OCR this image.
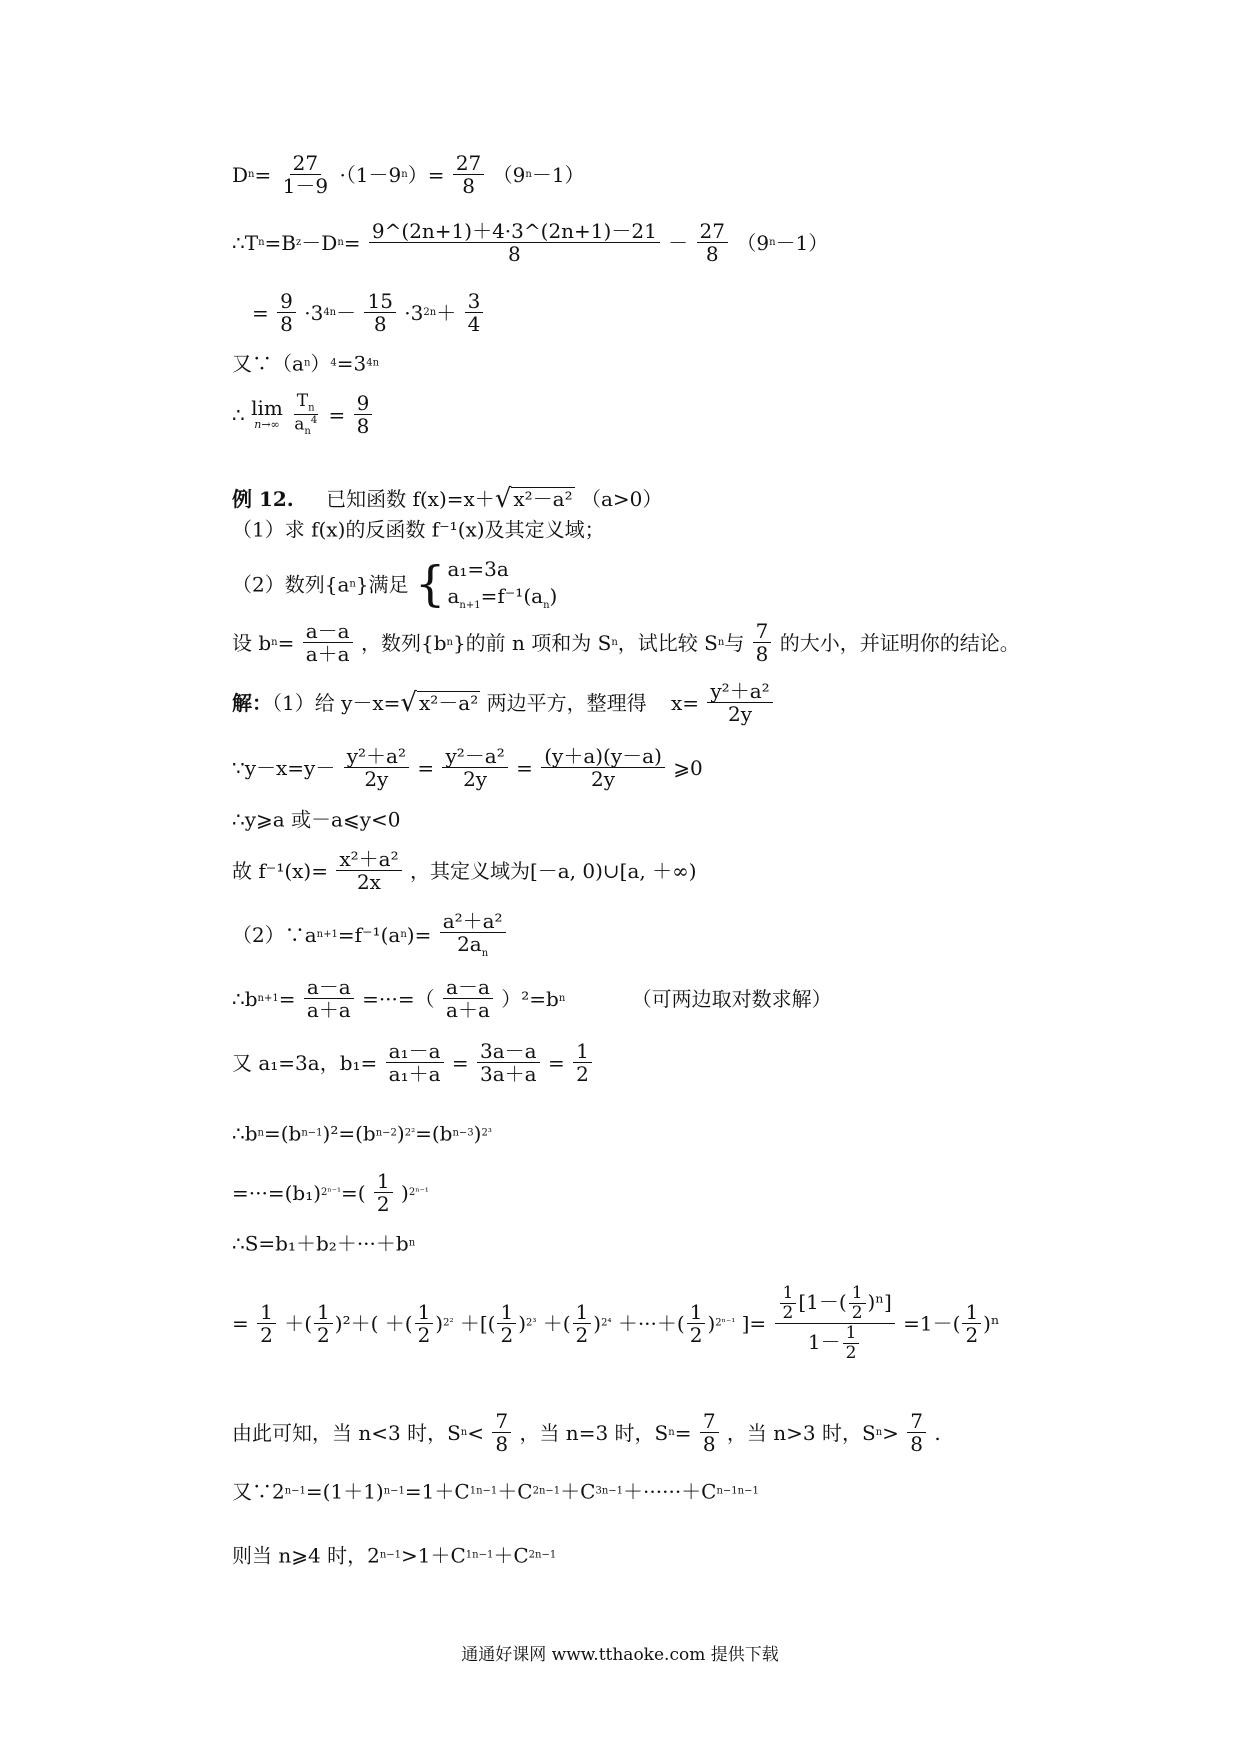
$Dn= \frac{27}{1-9} \cdot(1-9n)= \frac{27}{8} (9n-1)$
∴Tn=Bz－Dn= $\frac{9\^{}(2n+1)+4\cdot 3\^{}(2n+1)-21}{8} - \frac{27}{8} (9n-1)$
= $\frac{9}{8} \cdot 34n- \frac{15}{8} \cdot 32n+ \frac{3}{4}$
又∵（an）4=34n
∴ lim
n→∞
$\frac{T_n}{a_n^4} = \frac{9}{8}$
例 12. 已知函数 f(x)=x＋√ x²－a² （a>0）
（1）求 f(x)的反函数 f⁻¹(x)及其定义域；
（2）数列{an}满足 { a₁=3a
$a_{n+1}=f^{-1}(a_n)$
设 $bn= \frac{a-a}{a+a}$ ，数列{bn}的前 n 项和为 Sn，试比较 Sn与 $\frac{7}{8}$ 的大小，并证明你的结论。
解：（1）给 y－x=√ x²－a² 两边平方，整理得 $x= \frac{\text{y²＋a²}}{2y}$
∵y－x=y－ $\frac{\text{y²＋a²}}{2y} = \frac{\text{y²－a²}}{2y} = \frac{(y+a)(y-a)}{2y}$ ⩾0
∴y⩾a 或－a⩽y<0
故 $f^{-1}(x)= \frac{\text{x²＋a²}}{2x}$ ，其定义域为[－a, 0)∪[a, ＋∞)
（2）∵an+1=f⁻¹(an)= $\frac{\text{a²＋a²}}{2a_n}$
∴bn+1= $\frac{a-a}{a+a}$ =···=（ $\frac{a-a}{a+a} )^2=bn$	（可两边取对数求解）
又 a₁=3a，$b_1= \frac{\text{a₁－a}}{\text{a₁＋a}} = \frac{3a-a}{3a+a} = \frac{1}{2}$
∴bn=(bn−1)²=(bn−2)2²=(bn−3)2³
$=\cdot\cdot\cdot=(b_1)2^{n-1}=( \frac{1}{2} )2^{n-1}$
∴S=b₁＋b₂＋···＋bn
= $\frac{1}{2}$ ＋( $\frac{1}{2} )^2+$( ＋( $\frac{1}{2} )2^2$ ＋[( $\frac{1}{2} )2^3$ ＋( $\frac{1}{2} )2^4$ ＋···＋( $\frac{1}{2} )2^{n-1}$ ]= $\frac{\frac{1}{2} [1-( \frac{1}{2} )^n]}{1- \frac{1}{2}} =1-( \frac{1}{2} )^n$
由此可知，当 n<3 时，$Sn< \frac{7}{8}$ ，当 n=3 时，$Sn= \frac{7}{8}$ ，当 n>3 时，$Sn> \frac{7}{8}$ .
又∵2n−1=(1＋1)n−1=1＋C1n−1＋C2n−1＋C3n−1＋······＋Cn−1n−1
则当 n⩾4 时，2n−1>1＋C1n−1＋C2n−1
通通好课网 www.tthaoke.com 提供下载
